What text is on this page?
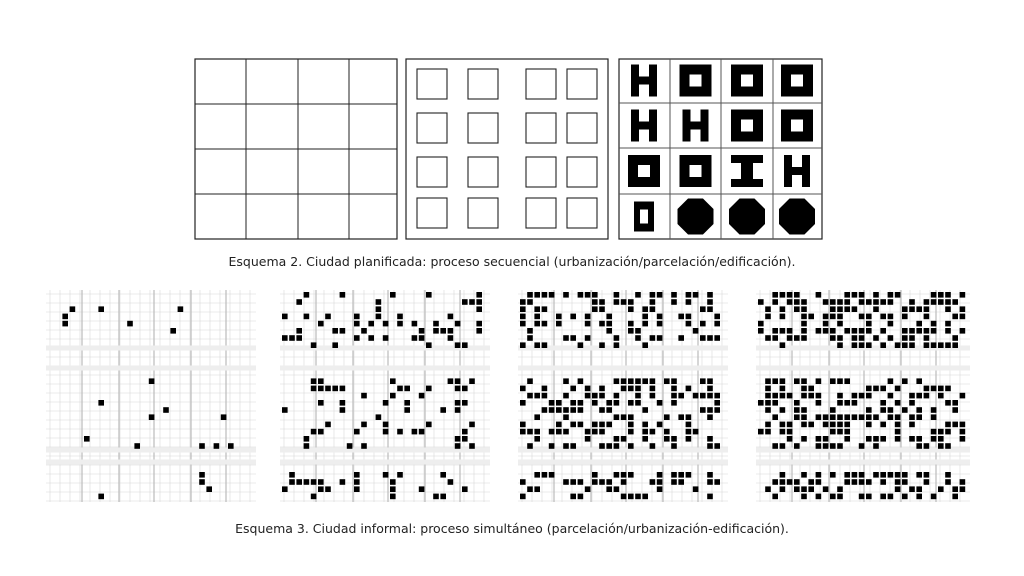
Esquema 2. Ciudad planificada: proceso secuencial (urbanización/parcelación/edificación).
Esquema 3. Ciudad informal: proceso simultáneo (parcelación/urbanización-edificación).
